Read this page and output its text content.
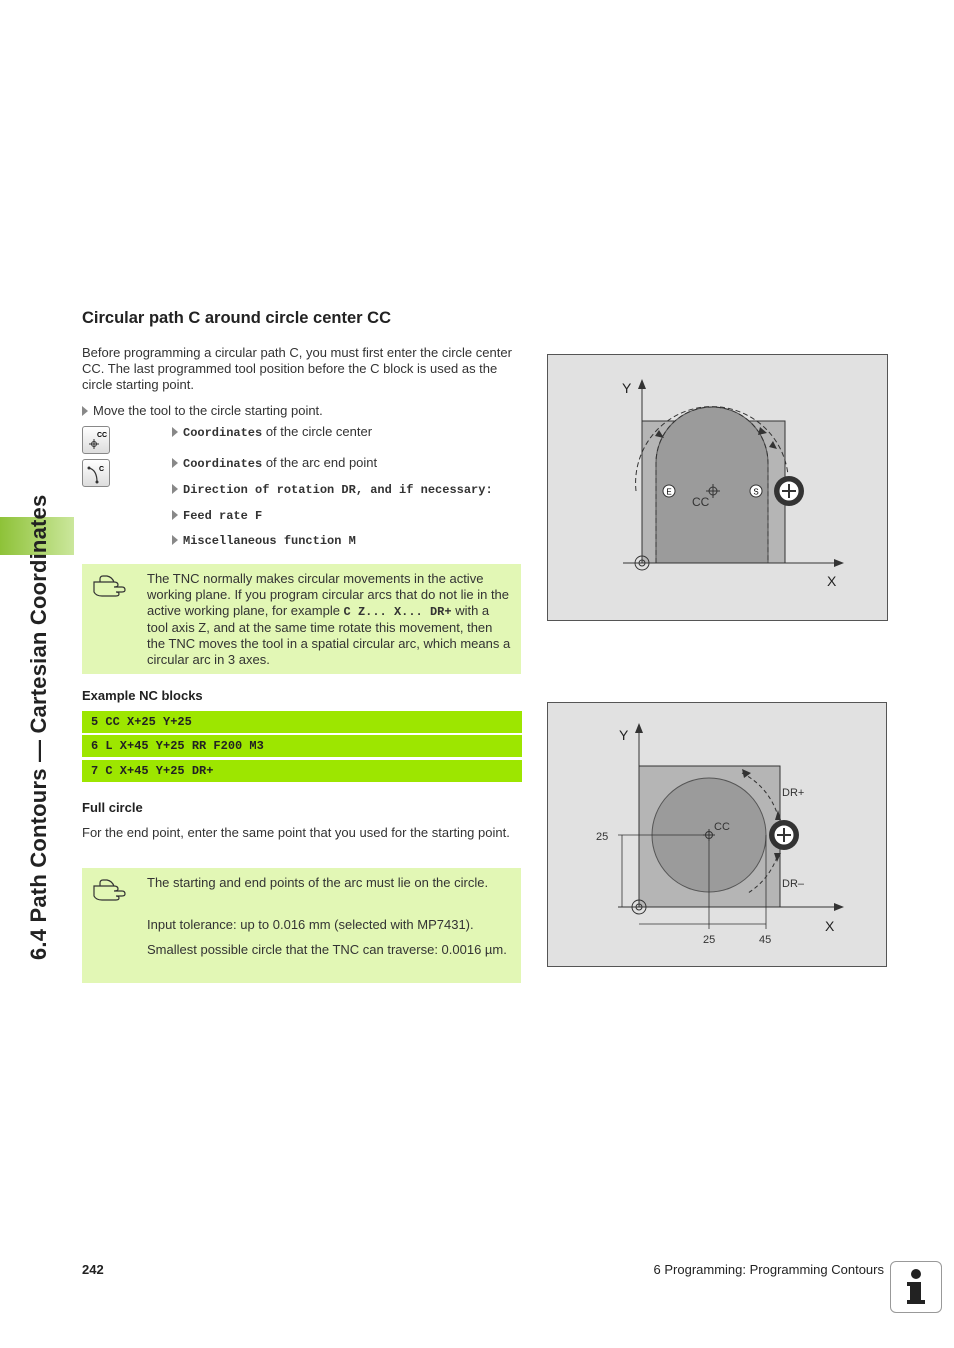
6.4 Path Contours — Cartesian Coordinates
Circular path C around circle center CC
Before programming a circular path C, you must first enter the circle center CC. The last programmed tool position before the C block is used as the circle starting point.
Move the tool to the circle starting point.
CC
C
Coordinates of the circle center
Coordinates of the arc end point
Direction of rotation DR, and if necessary:
Feed rate F
Miscellaneous function M
The TNC normally makes circular movements in the active working plane. If you program circular arcs that do not lie in the active working plane, for example C Z... X... DR+ with a tool axis Z, and at the same time rotate this movement, then the TNC moves the tool in a spatial circular arc, which means a circular arc in 3 axes.
Example NC blocks
5 CC X+25 Y+25
6 L X+45 Y+25 RR F200 M3
7 C X+45 Y+25 DR+
Full circle
For the end point, enter the same point that you used for the starting point.
The starting and end points of the arc must lie on the circle.
Input tolerance: up to 0.016 mm (selected with MP7431).
Smallest possible circle that the TNC can traverse: 0.0016 µm.
E	S
CC
Y
X
CC
DR+
DR–
25
25	45
Y
X
242	6 Programming: Programming Contours
